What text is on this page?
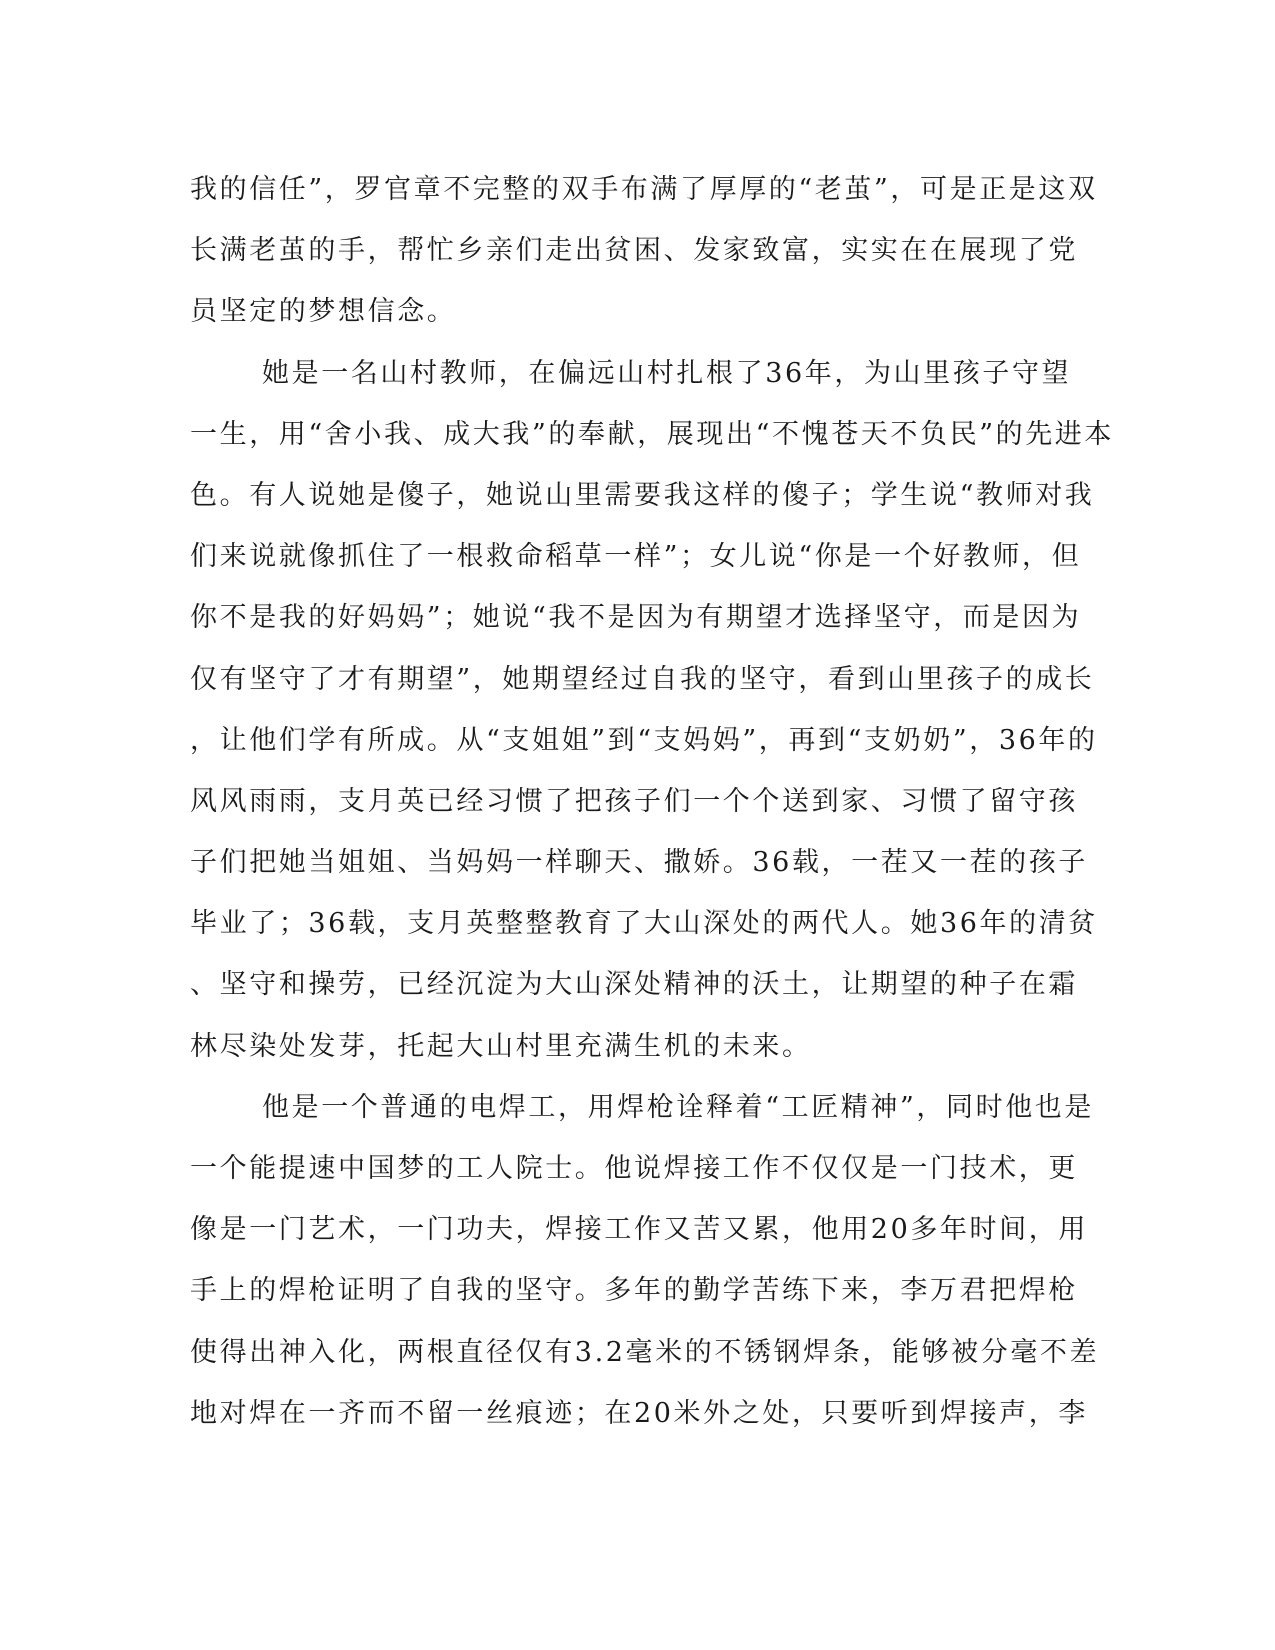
我的信任”，罗官章不完整的双手布满了厚厚的“老茧”，可是正是这双
长满老茧的手，帮忙乡亲们走出贫困、发家致富，实实在在展现了党
员坚定的梦想信念。
她是一名山村教师，在偏远山村扎根了36年，为山里孩子守望
一生，用“舍小我、成大我”的奉献，展现出“不愧苍天不负民”的先进本
色。有人说她是傻子，她说山里需要我这样的傻子；学生说“教师对我
们来说就像抓住了一根救命稻草一样”；女儿说“你是一个好教师，但
你不是我的好妈妈”；她说“我不是因为有期望才选择坚守，而是因为
仅有坚守了才有期望”，她期望经过自我的坚守，看到山里孩子的成长
，让他们学有所成。从“支姐姐”到“支妈妈”，再到“支奶奶”，36年的
风风雨雨，支月英已经习惯了把孩子们一个个送到家、习惯了留守孩
子们把她当姐姐、当妈妈一样聊天、撒娇。36载，一茬又一茬的孩子
毕业了；36载，支月英整整教育了大山深处的两代人。她36年的清贫
、坚守和操劳，已经沉淀为大山深处精神的沃土，让期望的种子在霜
林尽染处发芽，托起大山村里充满生机的未来。
他是一个普通的电焊工，用焊枪诠释着“工匠精神”，同时他也是
一个能提速中国梦的工人院士。他说焊接工作不仅仅是一门技术，更
像是一门艺术，一门功夫，焊接工作又苦又累，他用20多年时间，用
手上的焊枪证明了自我的坚守。多年的勤学苦练下来，李万君把焊枪
使得出神入化，两根直径仅有3.2毫米的不锈钢焊条，能够被分毫不差
地对焊在一齐而不留一丝痕迹；在20米外之处，只要听到焊接声，李
